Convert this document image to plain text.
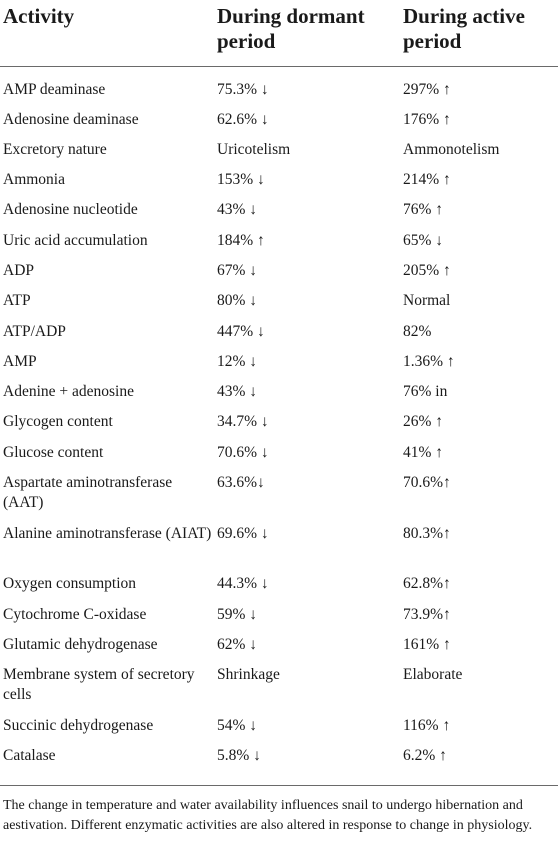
Activity	During dormant period	During active period
AMP deaminase	75.3% ↓	297% ↑
Adenosine deaminase	62.6% ↓	176% ↑
Excretory nature	Uricotelism	Ammonotelism
Ammonia	153% ↓	214% ↑
Adenosine nucleotide	43% ↓	76% ↑
Uric acid accumulation	184% ↑	65% ↓
ADP	67% ↓	205% ↑
ATP	80% ↓	Normal
ATP/ADP	447% ↓	82%
AMP	12% ↓	1.36% ↑
Adenine + adenosine	43% ↓	76% in
Glycogen content	34.7% ↓	26% ↑
Glucose content	70.6% ↓	41% ↑
Aspartate aminotransferase (AAT)	63.6%↓	70.6%↑
Alanine aminotransferase (AIAT)	69.6% ↓	80.3%↑
Oxygen consumption	44.3% ↓	62.8%↑
Cytochrome C-oxidase	59% ↓	73.9%↑
Glutamic dehydrogenase	62% ↓	161% ↑
Membrane system of secretory cells	Shrinkage	Elaborate
Succinic dehydrogenase	54% ↓	116% ↑
Catalase	5.8% ↓	6.2% ↑
The change in temperature and water availability influences snail to undergo hibernation and aestivation. Different enzymatic activities are also altered in response to change in physiology.
